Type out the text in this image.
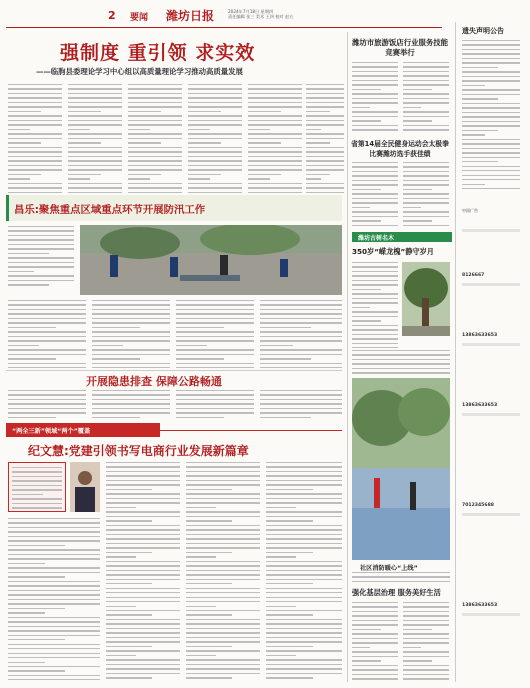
2 要闻 潍坊日报	2024年7月18日 星期四
责任编辑 张三 美术 王四 校对 赵五
强制度 重引领 求实效
——临朐县委理论学习中心组以高质量理论学习推动高质量发展
潍坊市旅游饭店行业服务技能竞赛举行
省第14届全民健身运动会太极拳比赛潍坊选手获佳绩
昌乐:聚焦重点区域重点环节开展防汛工作
开展隐患排查 保障公路畅通
“两全三新”领域“两个”覆盖
纪文慧:党建引领书写电商行业发展新篇章
潍坊古树名木
350岁“嵘龙槐”静守岁月
社区消防暖心“上线”
强化基层治理 服务美好生活
遗失声明公告
中国广告
8126667
13863633653
13863633653
7012345688
13863633653
